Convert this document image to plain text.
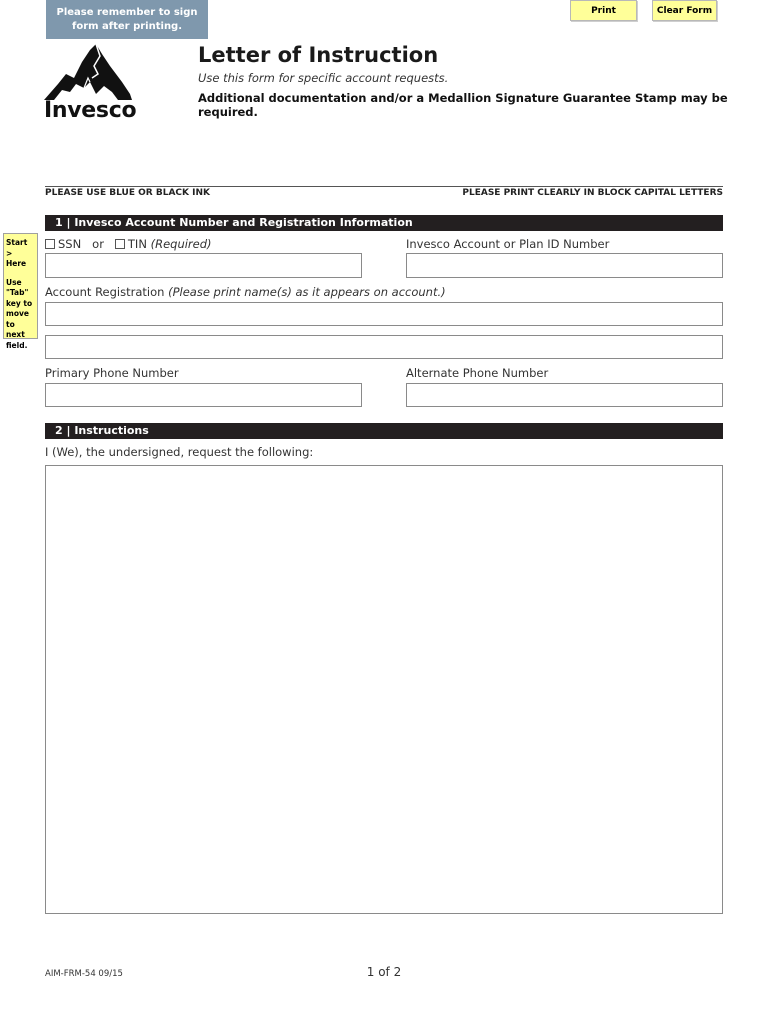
Please remember to sign form after printing.
Print	Clear Form
Invesco
Letter of Instruction
Use this form for specific account requests.
Additional documentation and/or a Medallion Signature Guarantee Stamp may be required.
PLEASE USE BLUE OR BLACK INK	PLEASE PRINT CLEARLY IN BLOCK CAPITAL LETTERS
Start >
Here
Use "Tab" key to move to next field.
1 | Invesco Account Number and Registration Information
SSN or TIN (Required)	Invesco Account or Plan ID Number
Account Registration (Please print name(s) as it appears on account.)
Primary Phone Number	Alternate Phone Number
2 | Instructions
I (We), the undersigned, request the following:
AIM-FRM-54 09/15	1 of 2
